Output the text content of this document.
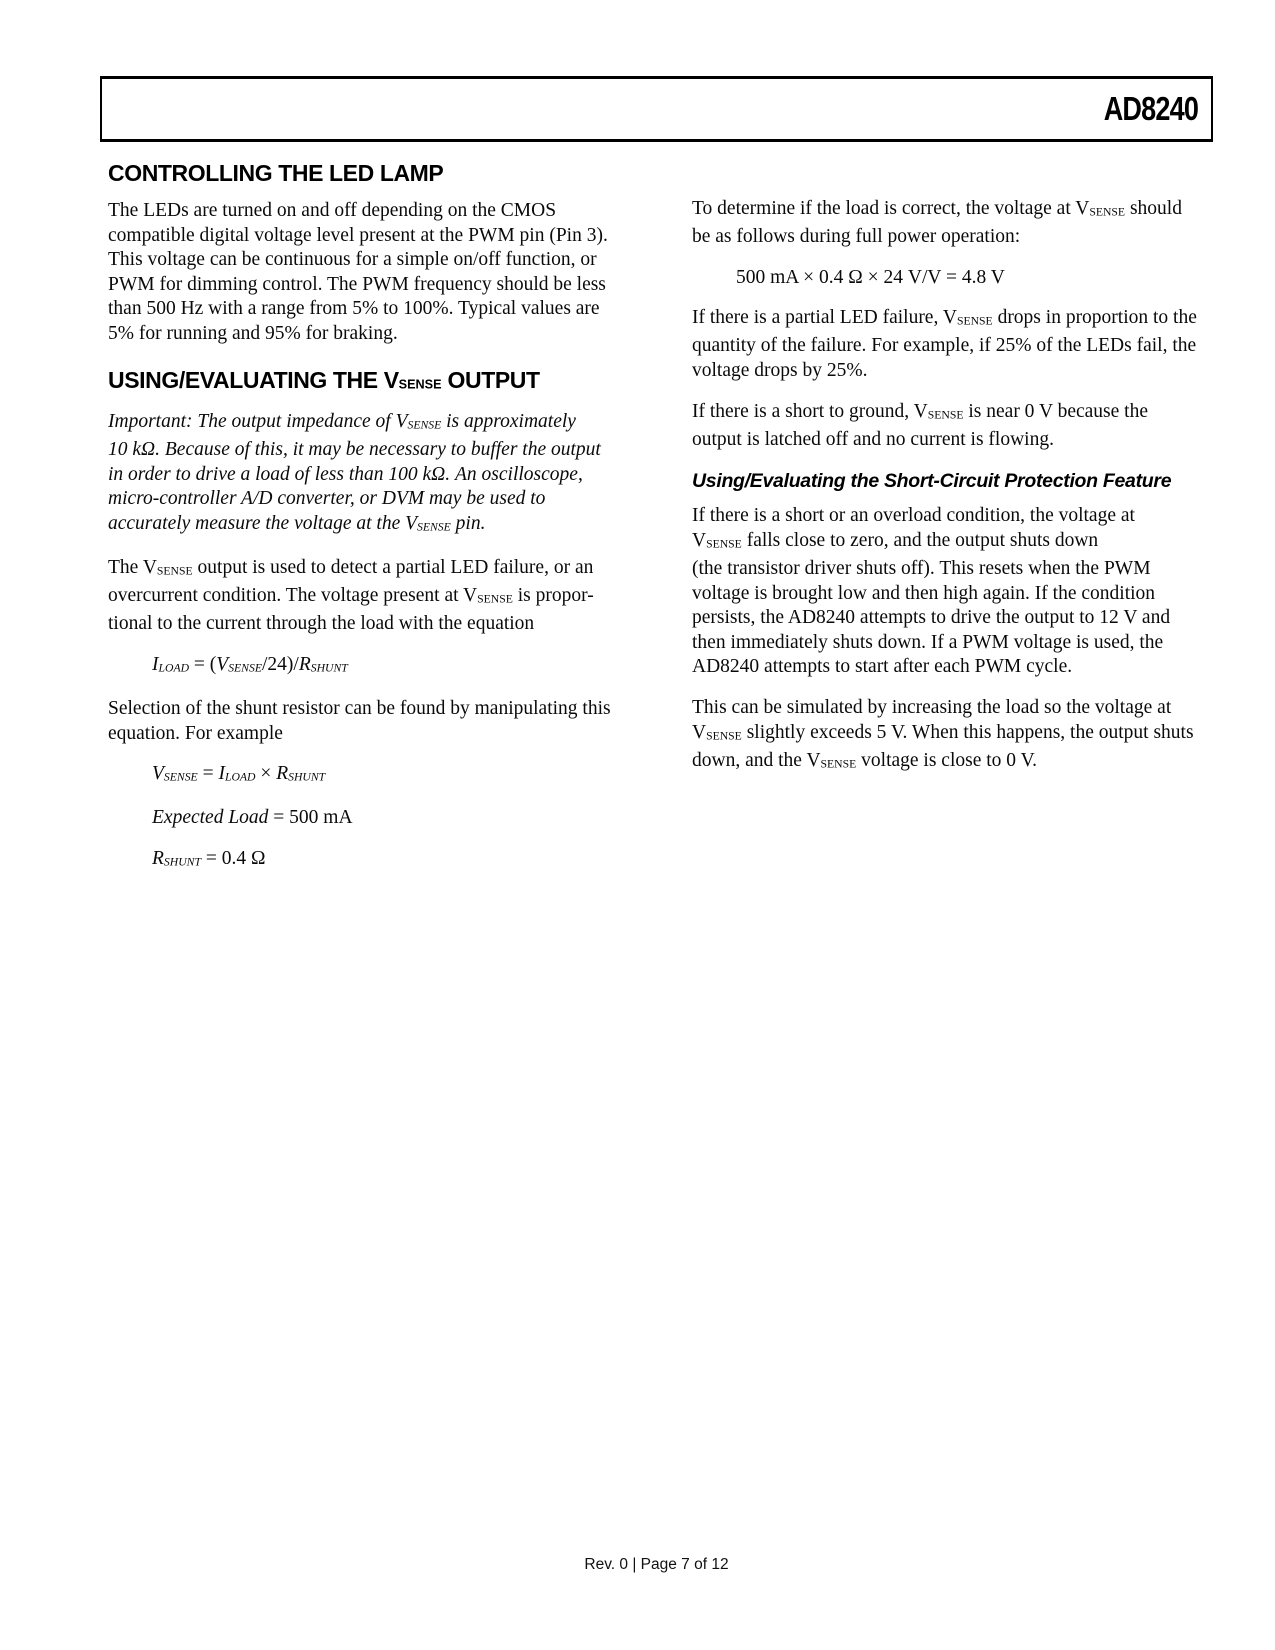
AD8240
CONTROLLING THE LED LAMP
The LEDs are turned on and off depending on the CMOS
compatible digital voltage level present at the PWM pin (Pin 3).
This voltage can be continuous for a simple on/off function, or
PWM for dimming control. The PWM frequency should be less
than 500 Hz with a range from 5% to 100%. Typical values are
5% for running and 95% for braking.
USING/EVALUATING THE VSENSE OUTPUT
Important: The output impedance of VSENSE is approximately
10 kΩ. Because of this, it may be necessary to buffer the output
in order to drive a load of less than 100 kΩ. An oscilloscope,
micro-controller A/D converter, or DVM may be used to
accurately measure the voltage at the VSENSE pin.
The VSENSE output is used to detect a partial LED failure, or an
overcurrent condition. The voltage present at VSENSE is propor-
tional to the current through the load with the equation
ILOAD = (VSENSE/24)/RSHUNT
Selection of the shunt resistor can be found by manipulating this
equation. For example
VSENSE = ILOAD × RSHUNT
Expected Load = 500 mA
RSHUNT = 0.4 Ω
To determine if the load is correct, the voltage at VSENSE should
be as follows during full power operation:
500 mA × 0.4 Ω × 24 V/V = 4.8 V
If there is a partial LED failure, VSENSE drops in proportion to the
quantity of the failure. For example, if 25% of the LEDs fail, the
voltage drops by 25%.
If there is a short to ground, VSENSE is near 0 V because the
output is latched off and no current is flowing.
Using/Evaluating the Short-Circuit Protection Feature
If there is a short or an overload condition, the voltage at
VSENSE falls close to zero, and the output shuts down
(the transistor driver shuts off). This resets when the PWM
voltage is brought low and then high again. If the condition
persists, the AD8240 attempts to drive the output to 12 V and
then immediately shuts down. If a PWM voltage is used, the
AD8240 attempts to start after each PWM cycle.
This can be simulated by increasing the load so the voltage at
VSENSE slightly exceeds 5 V. When this happens, the output shuts
down, and the VSENSE voltage is close to 0 V.
Rev. 0 | Page 7 of 12
